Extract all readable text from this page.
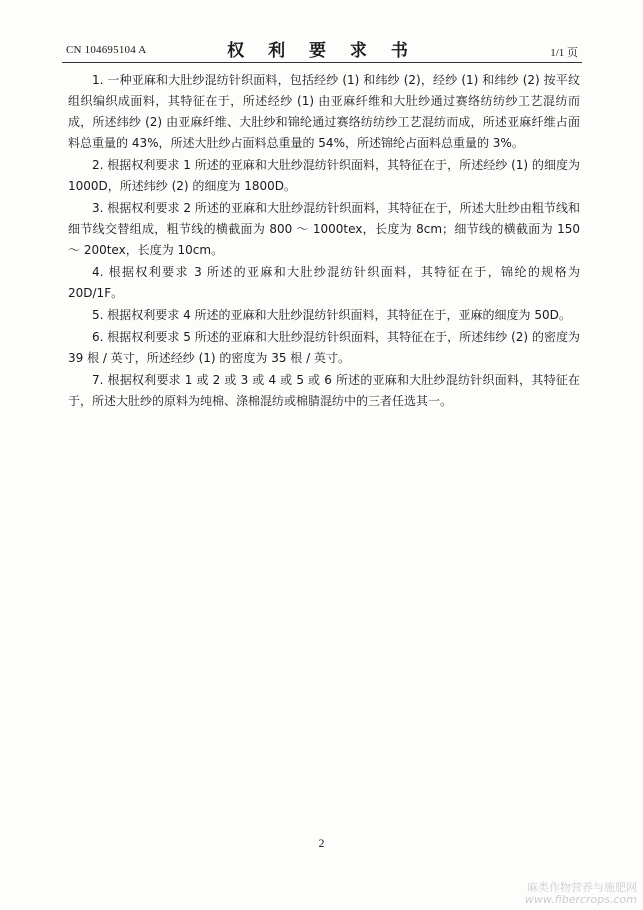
CN 104695104 A	权 利 要 求 书	1/1 页

1. 一种亚麻和大肚纱混纺针织面料，包括经纱 (1) 和纬纱 (2)，经纱 (1) 和纬纱 (2) 按平纹组织编织成面料，其特征在于，所述经纱 (1) 由亚麻纤维和大肚纱通过赛络纺纺纱工艺混纺而成，所述纬纱 (2) 由亚麻纤维、大肚纱和锦纶通过赛络纺纺纱工艺混纺而成，所述亚麻纤维占面料总重量的 43%，所述大肚纱占面料总重量的 54%，所述锦纶占面料总重量的 3%。

2. 根据权利要求 1 所述的亚麻和大肚纱混纺针织面料，其特征在于，所述经纱 (1) 的细度为 1000D，所述纬纱 (2) 的细度为 1800D。

3. 根据权利要求 2 所述的亚麻和大肚纱混纺针织面料，其特征在于，所述大肚纱由粗节线和细节线交替组成，粗节线的横截面为 800 ～ 1000tex，长度为 8cm；细节线的横截面为 150 ～ 200tex，长度为 10cm。

4. 根据权利要求 3 所述的亚麻和大肚纱混纺针织面料，其特征在于，锦纶的规格为 20D/1F。

5. 根据权利要求 4 所述的亚麻和大肚纱混纺针织面料，其特征在于，亚麻的细度为 50D。

6. 根据权利要求 5 所述的亚麻和大肚纱混纺针织面料，其特征在于，所述纬纱 (2) 的密度为 39 根 / 英寸，所述经纱 (1) 的密度为 35 根 / 英寸。

7. 根据权利要求 1 或 2 或 3 或 4 或 5 或 6 所述的亚麻和大肚纱混纺针织面料，其特征在于，所述大肚纱的原料为纯棉、涤棉混纺或棉腈混纺中的三者任选其一。

2
麻类作物营养与施肥网
www.fibercrops.com
